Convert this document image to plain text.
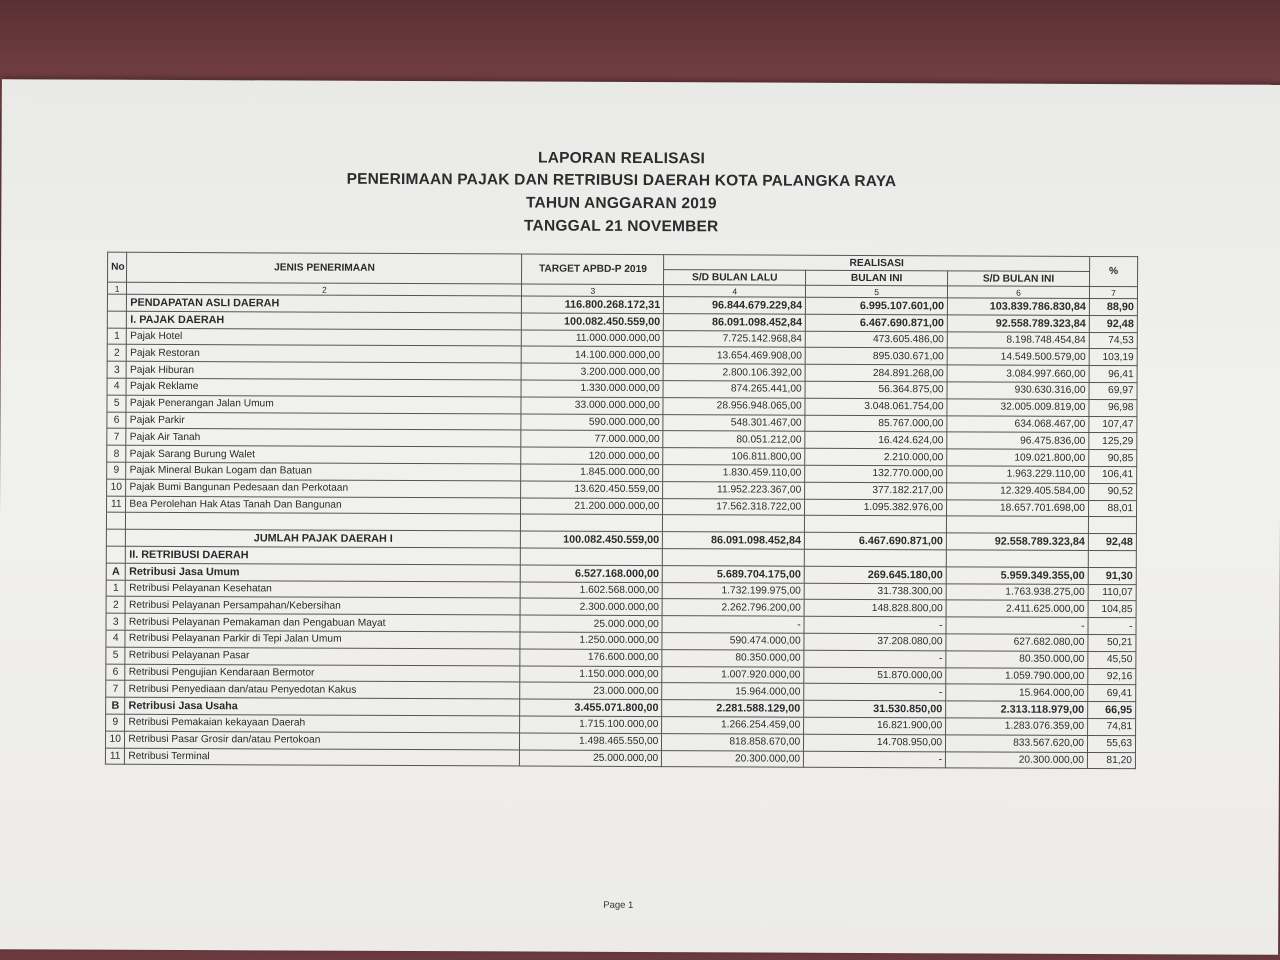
LAPORAN REALISASI
PENERIMAAN PAJAK DAN RETRIBUSI DAERAH KOTA PALANGKA RAYA
TAHUN ANGGARAN 2019
TANGGAL 21 NOVEMBER
No	JENIS PENERIMAAN	TARGET APBD-P 2019	REALISASI			%
			S/D BULAN LALU	BULAN INI	S/D BULAN INI	
1	2	3	4	5	6	7
	PENDAPATAN ASLI DAERAH	116.800.268.172,31	96.844.679.229,84	6.995.107.601,00	103.839.786.830,84	88,90
	I. PAJAK DAERAH	100.082.450.559,00	86.091.098.452,84	6.467.690.871,00	92.558.789.323,84	92,48
1	Pajak Hotel	11.000.000.000,00	7.725.142.968,84	473.605.486,00	8.198.748.454,84	74,53
2	Pajak Restoran	14.100.000.000,00	13.654.469.908,00	895.030.671,00	14.549.500.579,00	103,19
3	Pajak Hiburan	3.200.000.000,00	2.800.106.392,00	284.891.268,00	3.084.997.660,00	96,41
4	Pajak Reklame	1.330.000.000,00	874.265.441,00	56.364.875,00	930.630.316,00	69,97
5	Pajak Penerangan Jalan Umum	33.000.000.000,00	28.956.948.065,00	3.048.061.754,00	32.005.009.819,00	96,98
6	Pajak Parkir	590.000.000,00	548.301.467,00	85.767.000,00	634.068.467,00	107,47
7	Pajak Air Tanah	77.000.000,00	80.051.212,00	16.424.624,00	96.475.836,00	125,29
8	Pajak Sarang Burung Walet	120.000.000,00	106.811.800,00	2.210.000,00	109.021.800,00	90,85
9	Pajak Mineral Bukan Logam dan Batuan	1.845.000.000,00	1.830.459.110,00	132.770.000,00	1.963.229.110,00	106,41
10	Pajak Bumi Bangunan Pedesaan dan Perkotaan	13.620.450.559,00	11.952.223.367,00	377.182.217,00	12.329.405.584,00	90,52
11	Bea Perolehan Hak Atas Tanah Dan Bangunan	21.200.000.000,00	17.562.318.722,00	1.095.382.976,00	18.657.701.698,00	88,01

	JUMLAH PAJAK DAERAH I	100.082.450.559,00	86.091.098.452,84	6.467.690.871,00	92.558.789.323,84	92,48
	II. RETRIBUSI DAERAH					
A	Retribusi Jasa Umum	6.527.168.000,00	5.689.704.175,00	269.645.180,00	5.959.349.355,00	91,30
1	Retribusi Pelayanan Kesehatan	1.602.568.000,00	1.732.199.975,00	31.738.300,00	1.763.938.275,00	110,07
2	Retribusi Pelayanan Persampahan/Kebersihan	2.300.000.000,00	2.262.796.200,00	148.828.800,00	2.411.625.000,00	104,85
3	Retribusi Pelayanan Pemakaman dan Pengabuan Mayat	25.000.000,00	-	-	-	-
4	Retribusi Pelayanan Parkir di Tepi Jalan Umum	1.250.000.000,00	590.474.000,00	37.208.080,00	627.682.080,00	50,21
5	Retribusi Pelayanan Pasar	176.600.000,00	80.350.000,00	-	80.350.000,00	45,50
6	Retribusi Pengujian Kendaraan Bermotor	1.150.000.000,00	1.007.920.000,00	51.870.000,00	1.059.790.000,00	92,16
7	Retribusi Penyediaan dan/atau Penyedotan Kakus	23.000.000,00	15.964.000,00	-	15.964.000,00	69,41
B	Retribusi Jasa Usaha	3.455.071.800,00	2.281.588.129,00	31.530.850,00	2.313.118.979,00	66,95
9	Retribusi Pemakaian kekayaan Daerah	1.715.100.000,00	1.266.254.459,00	16.821.900,00	1.283.076.359,00	74,81
10	Retribusi Pasar Grosir dan/atau Pertokoan	1.498.465.550,00	818.858.670,00	14.708.950,00	833.567.620,00	55,63
11	Retribusi Terminal	25.000.000,00	20.300.000,00	-	20.300.000,00	81,20
Page 1
